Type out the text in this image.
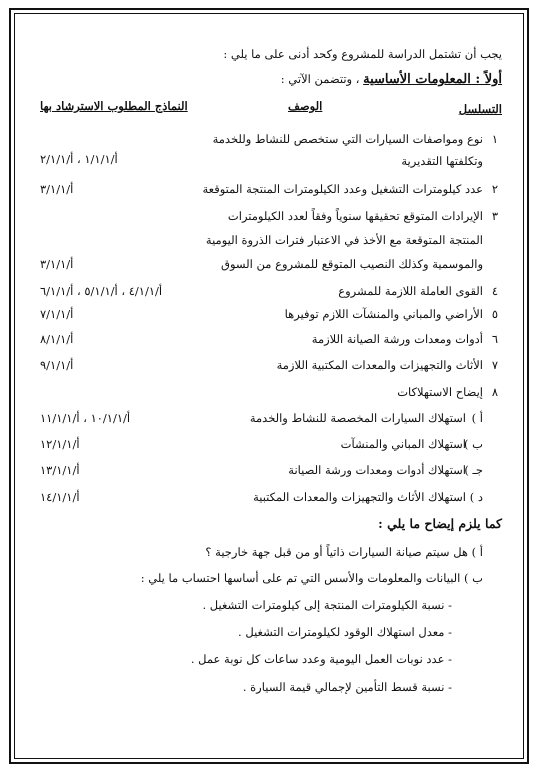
يجب أن تشتمل الدراسة للمشروع وكحد أدنى على ما يلي :
أولاً : المعلومات الأساسية ، وتتضمن الآتي :
التسلسل
الوصف
النماذج المطلوب الاسترشاد بها
١
نوع ومواصفات السيارات التي ستخصص للنشاط وللخدمة
وتكلفتها التقديرية
أ/١/١/١ ، أ/٢/١/١
٢
عدد كيلومترات التشغيل وعدد الكيلومترات المنتجة المتوقعة
أ/٣/١/١
٣
الإيرادات المتوقع تحقيقها سنوياً وفقاً لعدد الكيلومترات
المنتجة المتوقعة مع الأخذ في الاعتبار فترات الذروة اليومية
والموسمية وكذلك النصيب المتوقع للمشروع من السوق
أ/٣/١/١
٤
القوى العاملة اللازمة للمشروع
أ/٤/١/١ ، أ/٥/١/١ ، أ/٦/١/١
٥
الأراضي والمباني والمنشآت اللازم توفيرها
أ/٧/١/١
٦
أدوات ومعدات ورشة الصيانة اللازمة
أ/٨/١/١
٧
الأثاث والتجهيزات والمعدات المكتبية اللازمة
أ/٩/١/١
٨
إيضاح الاستهلاكات
أ )
استهلاك السيارات المخصصة للنشاط والخدمة
أ/١٠/١/١ ، أ/١١/١/١
ب )
استهلاك المباني والمنشآت
أ/١٢/١/١
جـ )
استهلاك أدوات ومعدات ورشة الصيانة
أ/١٣/١/١
د )
استهلاك الأثاث والتجهيزات والمعدات المكتبية
أ/١٤/١/١
كما يلزم إيضاح ما يلي :
أ ) هل سيتم صيانة السيارات ذاتياً أو من قبل جهة خارجية ؟
ب ) البيانات والمعلومات والأسس التي تم على أساسها احتساب ما يلي :
- نسبة الكيلومترات المنتجة إلى كيلومترات التشغيل .
- معدل استهلاك الوقود لكيلومترات التشغيل .
- عدد نوبات العمل اليومية وعدد ساعات كل نوبة عمل .
- نسبة قسط التأمين لإجمالي قيمة السيارة .
